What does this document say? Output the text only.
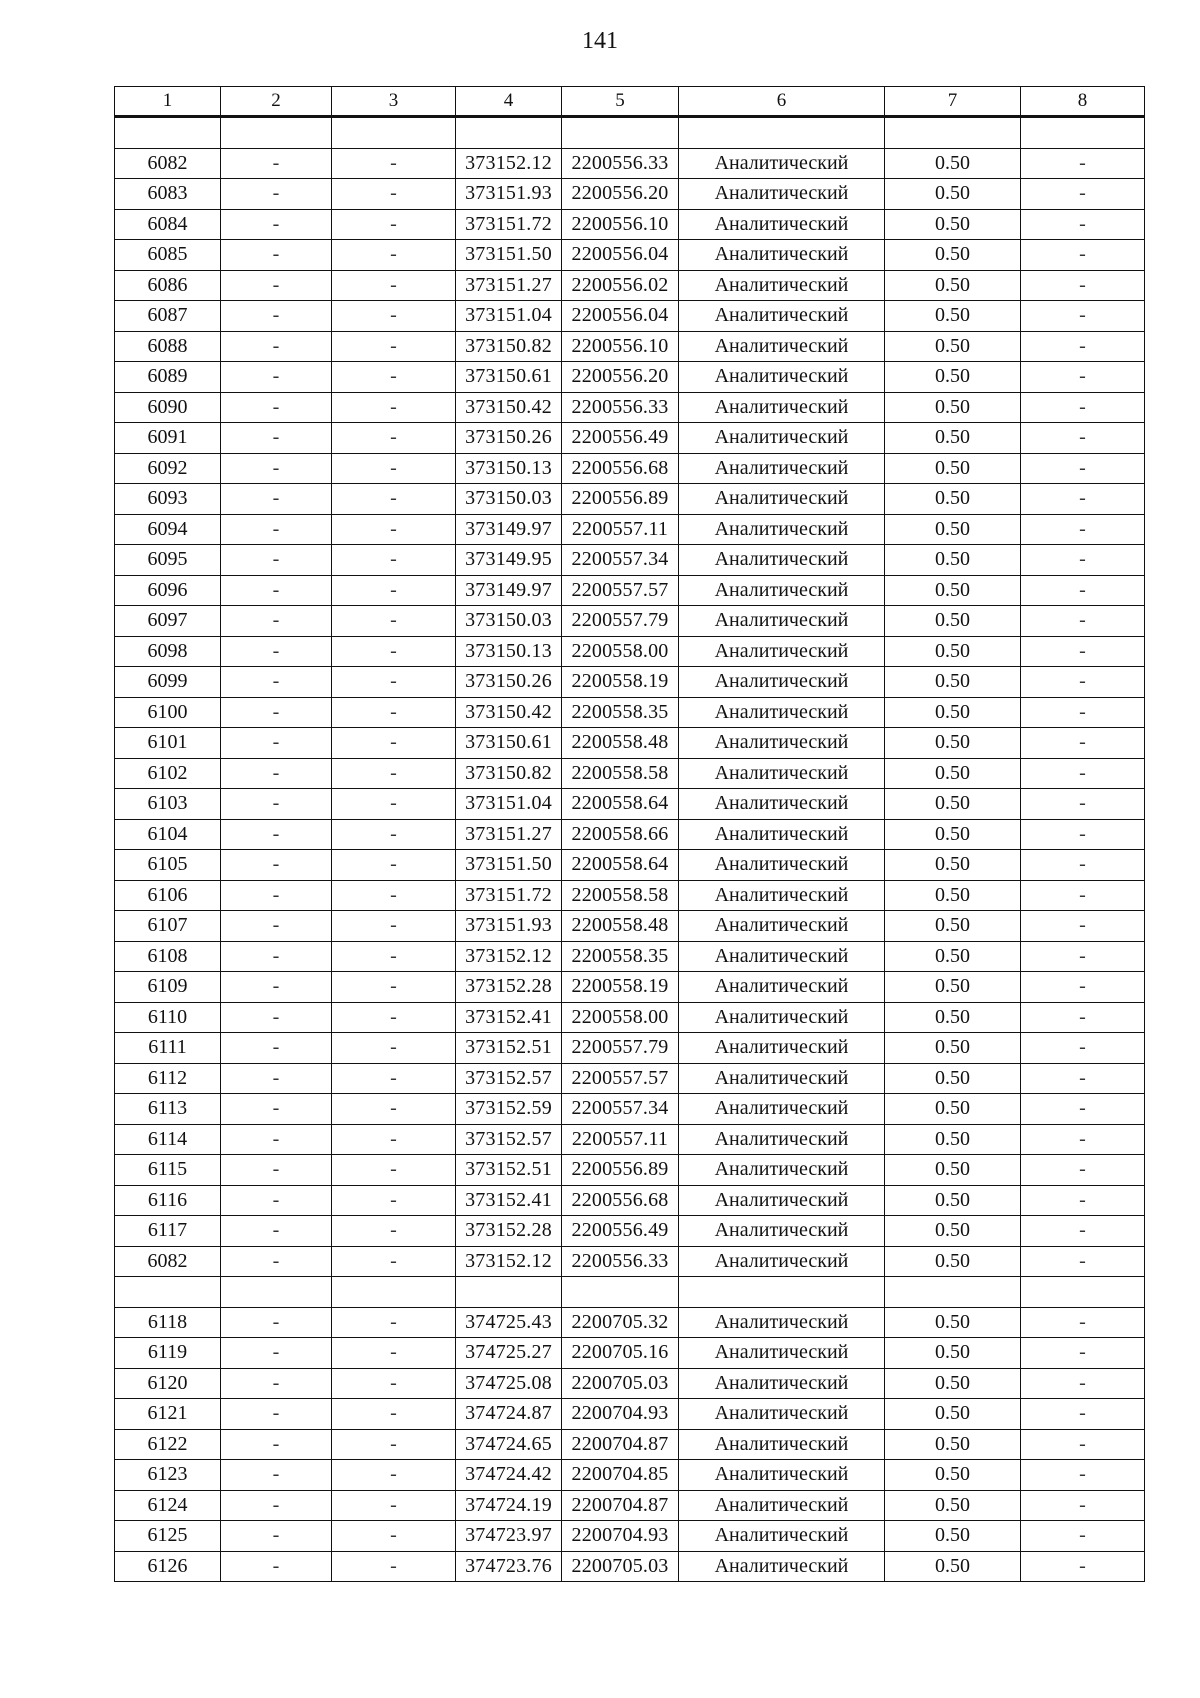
141
1	2	3	4	5	6	7	8

6082	-	-	373152.12	2200556.33	Аналитический	0.50	-
6083	-	-	373151.93	2200556.20	Аналитический	0.50	-
6084	-	-	373151.72	2200556.10	Аналитический	0.50	-
6085	-	-	373151.50	2200556.04	Аналитический	0.50	-
6086	-	-	373151.27	2200556.02	Аналитический	0.50	-
6087	-	-	373151.04	2200556.04	Аналитический	0.50	-
6088	-	-	373150.82	2200556.10	Аналитический	0.50	-
6089	-	-	373150.61	2200556.20	Аналитический	0.50	-
6090	-	-	373150.42	2200556.33	Аналитический	0.50	-
6091	-	-	373150.26	2200556.49	Аналитический	0.50	-
6092	-	-	373150.13	2200556.68	Аналитический	0.50	-
6093	-	-	373150.03	2200556.89	Аналитический	0.50	-
6094	-	-	373149.97	2200557.11	Аналитический	0.50	-
6095	-	-	373149.95	2200557.34	Аналитический	0.50	-
6096	-	-	373149.97	2200557.57	Аналитический	0.50	-
6097	-	-	373150.03	2200557.79	Аналитический	0.50	-
6098	-	-	373150.13	2200558.00	Аналитический	0.50	-
6099	-	-	373150.26	2200558.19	Аналитический	0.50	-
6100	-	-	373150.42	2200558.35	Аналитический	0.50	-
6101	-	-	373150.61	2200558.48	Аналитический	0.50	-
6102	-	-	373150.82	2200558.58	Аналитический	0.50	-
6103	-	-	373151.04	2200558.64	Аналитический	0.50	-
6104	-	-	373151.27	2200558.66	Аналитический	0.50	-
6105	-	-	373151.50	2200558.64	Аналитический	0.50	-
6106	-	-	373151.72	2200558.58	Аналитический	0.50	-
6107	-	-	373151.93	2200558.48	Аналитический	0.50	-
6108	-	-	373152.12	2200558.35	Аналитический	0.50	-
6109	-	-	373152.28	2200558.19	Аналитический	0.50	-
6110	-	-	373152.41	2200558.00	Аналитический	0.50	-
6111	-	-	373152.51	2200557.79	Аналитический	0.50	-
6112	-	-	373152.57	2200557.57	Аналитический	0.50	-
6113	-	-	373152.59	2200557.34	Аналитический	0.50	-
6114	-	-	373152.57	2200557.11	Аналитический	0.50	-
6115	-	-	373152.51	2200556.89	Аналитический	0.50	-
6116	-	-	373152.41	2200556.68	Аналитический	0.50	-
6117	-	-	373152.28	2200556.49	Аналитический	0.50	-
6082	-	-	373152.12	2200556.33	Аналитический	0.50	-

6118	-	-	374725.43	2200705.32	Аналитический	0.50	-
6119	-	-	374725.27	2200705.16	Аналитический	0.50	-
6120	-	-	374725.08	2200705.03	Аналитический	0.50	-
6121	-	-	374724.87	2200704.93	Аналитический	0.50	-
6122	-	-	374724.65	2200704.87	Аналитический	0.50	-
6123	-	-	374724.42	2200704.85	Аналитический	0.50	-
6124	-	-	374724.19	2200704.87	Аналитический	0.50	-
6125	-	-	374723.97	2200704.93	Аналитический	0.50	-
6126	-	-	374723.76	2200705.03	Аналитический	0.50	-
